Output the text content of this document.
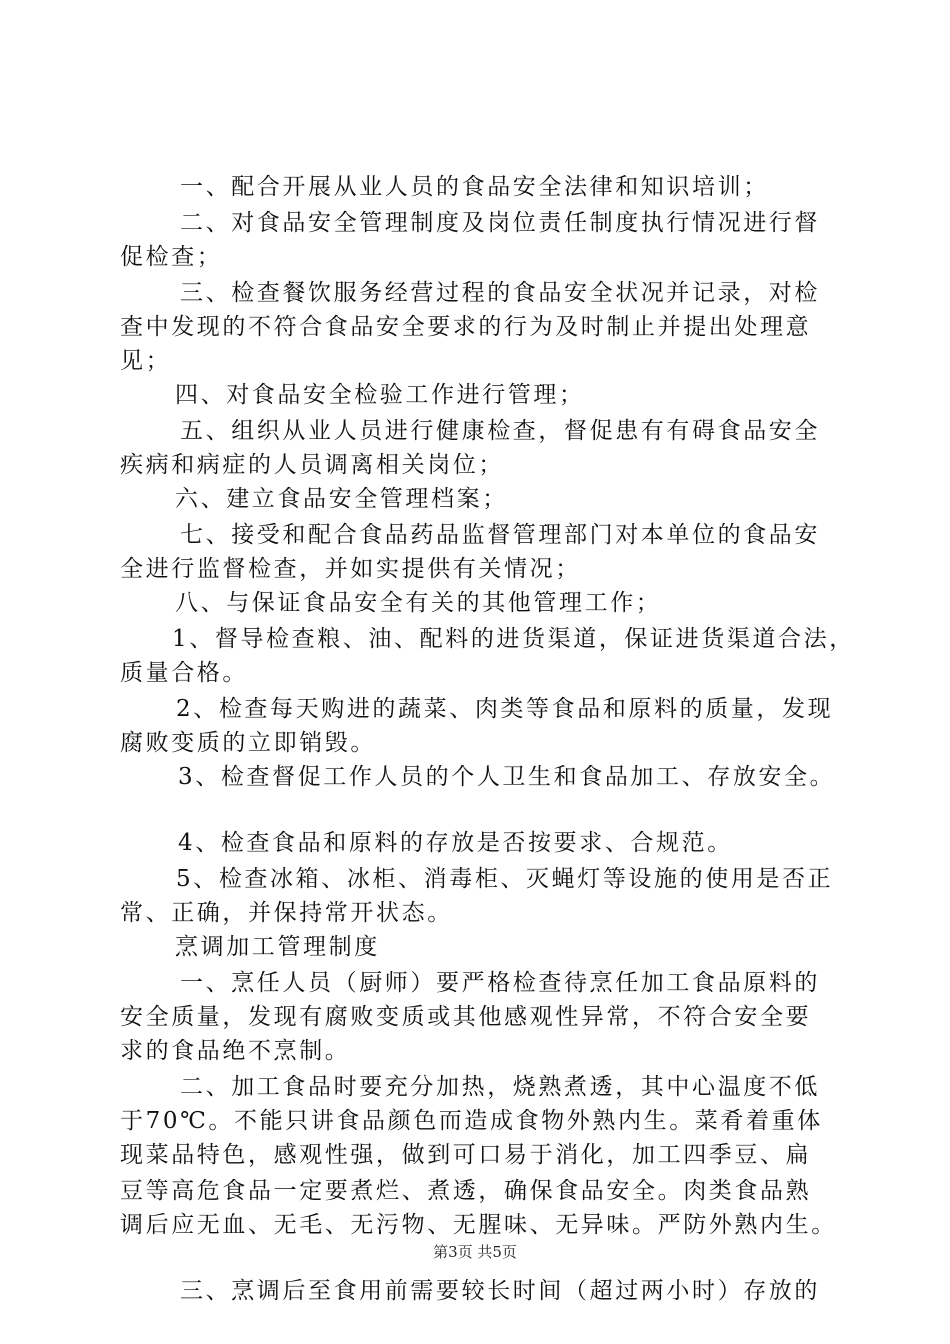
一、配合开展从业人员的食品安全法律和知识培训；
二、对食品安全管理制度及岗位责任制度执行情况进行督
促检查；
三、检查餐饮服务经营过程的食品安全状况并记录，对检
查中发现的不符合食品安全要求的行为及时制止并提出处理意
见；
四、对食品安全检验工作进行管理；
五、组织从业人员进行健康检查，督促患有有碍食品安全
疾病和病症的人员调离相关岗位；
六、建立食品安全管理档案；
七、接受和配合食品药品监督管理部门对本单位的食品安
全进行监督检查，并如实提供有关情况；
八、与保证食品安全有关的其他管理工作；
1、督导检查粮、油、配料的进货渠道，保证进货渠道合法，
质量合格。
2、检查每天购进的蔬菜、肉类等食品和原料的质量，发现
腐败变质的立即销毁。
3、检查督促工作人员的个人卫生和食品加工、存放安全。
4、检查食品和原料的存放是否按要求、合规范。
5、检查冰箱、冰柜、消毒柜、灭蝇灯等设施的使用是否正
常、正确，并保持常开状态。
烹调加工管理制度
一、烹任人员（厨师）要严格检查待烹任加工食品原料的
安全质量，发现有腐败变质或其他感观性异常，不符合安全要
求的食品绝不烹制。
二、加工食品时要充分加热，烧熟煮透，其中心温度不低
于70℃。不能只讲食品颜色而造成食物外熟内生。菜肴着重体
现菜品特色，感观性强，做到可口易于消化，加工四季豆、扁
豆等高危食品一定要煮烂、煮透，确保食品安全。肉类食品熟
调后应无血、无毛、无污物、无腥味、无异味。严防外熟内生。
三、烹调后至食用前需要较长时间（超过两小时）存放的
第3页 共5页
